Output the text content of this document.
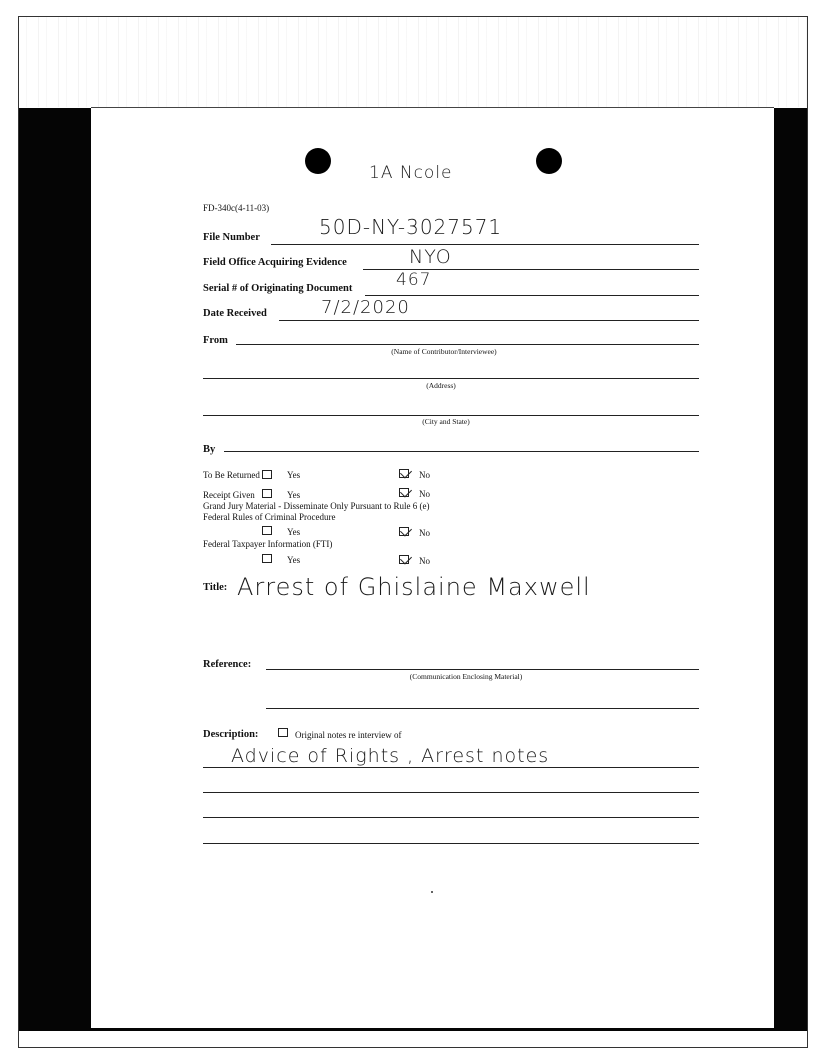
1A Ncole
FD-340c(4-11-03)
File Number	50D-NY-3027571
Field Office Acquiring Evidence	NYO
Serial # of Originating Document	467
Date Received	7/2/2020
From
(Name of Contributor/Interviewee)
(Address)
(City and State)
By
To Be Returned	Yes	No
Receipt Given	Yes	No
Grand Jury Material - Disseminate Only Pursuant to Rule 6 (e)
Federal Rules of Criminal Procedure
Yes	No
Federal Taxpayer Information (FTI)
Yes	No
Title: Arrest of Ghislaine Maxwell
Reference:
(Communication Enclosing Material)
Description:	Original notes re interview of
Advice of Rights , Arrest notes
